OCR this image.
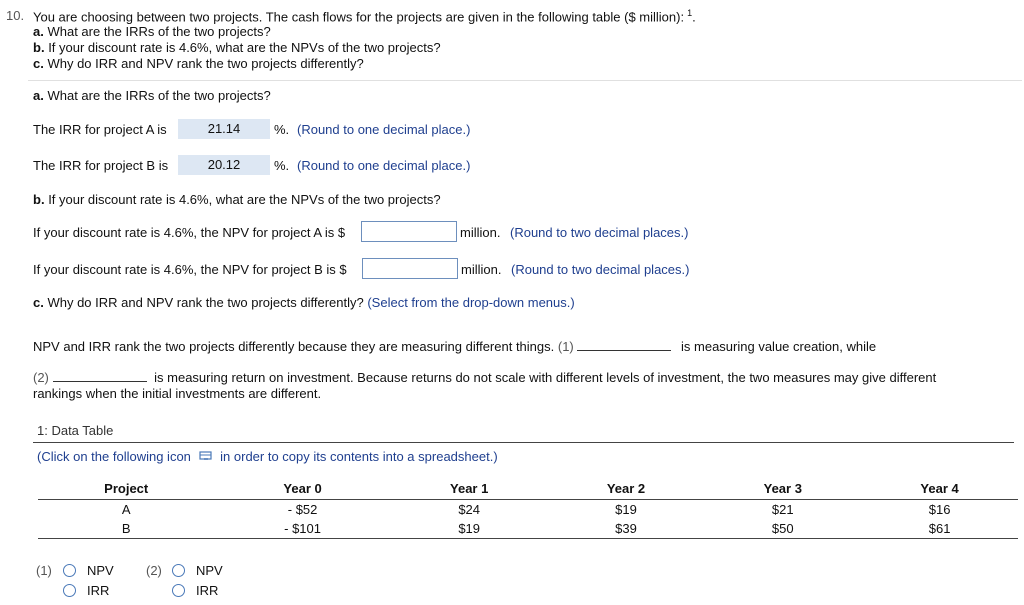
10. You are choosing between two projects. The cash flows for the projects are given in the following table ($ million): $^1$.
a. What are the IRRs of the two projects?
b. If your discount rate is 4.6%, what are the NPVs of the two projects?
c. Why do IRR and NPV rank the two projects differently?
a. What are the IRRs of the two projects?
The IRR for project A is	21.14	%. (Round to one decimal place.)
The IRR for project B is	20.12	%. (Round to one decimal place.)
b. If your discount rate is 4.6%, what are the NPVs of the two projects?
If your discount rate is 4.6%, the NPV for project A is $	million. (Round to two decimal places.)
If your discount rate is 4.6%, the NPV for project B is $	million. (Round to two decimal places.)
c. Why do IRR and NPV rank the two projects differently? (Select from the drop-down menus.)
NPV and IRR rank the two projects differently because they are measuring different things. (1)	is measuring value creation, while
(2)	is measuring return on investment. Because returns do not scale with different levels of investment, the two measures may give different
rankings when the initial investments are different.
1: Data Table
(Click on the following icon in order to copy its contents into a spreadsheet.)
Project	Year 0	Year 1	Year 2	Year 3	Year 4
A	- $52	$24	$19	$21	$16
B	- $101	$19	$39	$50	$61
(1)	NPV
IRR
(2)	NPV
IRR
